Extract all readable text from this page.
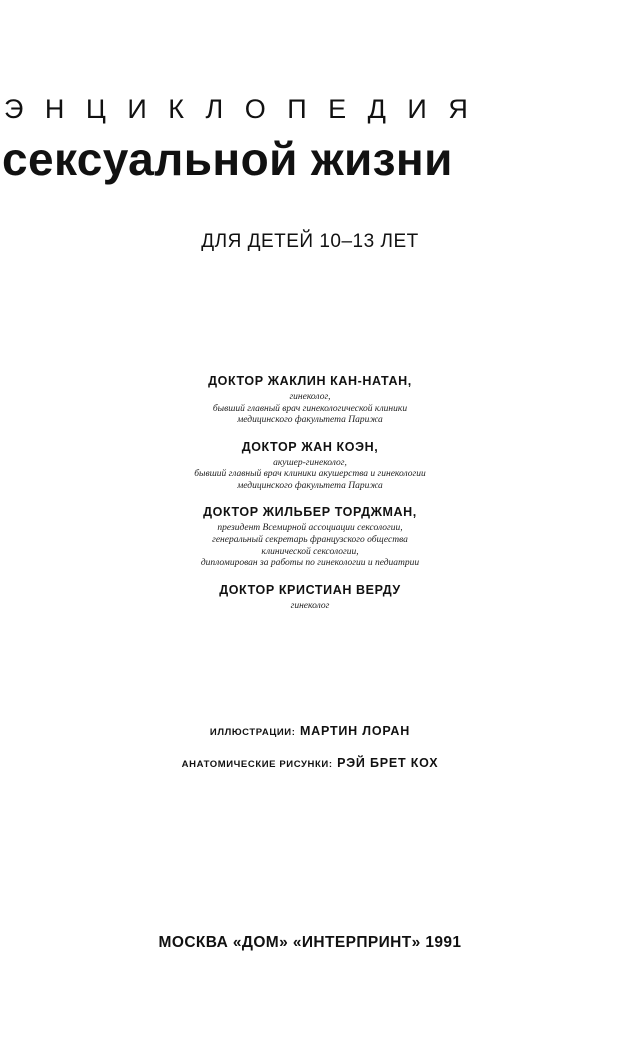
ЭНЦИКЛОПЕДИЯ
сексуальной жизни
ДЛЯ ДЕТЕЙ 10–13 ЛЕТ
ДОКТОР ЖАКЛИН КАН-НАТАН,
гинеколог,
бывший главный врач гинекологической клиники
медицинского факультета Парижа
ДОКТОР ЖАН КОЭН,
акушер-гинеколог,
бывший главный врач клиники акушерства и гинекологии
медицинского факультета Парижа
ДОКТОР ЖИЛЬБЕР ТОРДЖМАН,
президент Всемирной ассоциации сексологии,
генеральный секретарь французского общества
клинической сексологии,
дипломирован за работы по гинекологии и педиатрии
ДОКТОР КРИСТИАН ВЕРДУ
гинеколог
ИЛЛЮСТРАЦИИ: МАРТИН ЛОРАН
АНАТОМИЧЕСКИЕ РИСУНКИ: РЭЙ БРЕТ КОХ
МОСКВА «ДОМ» «ИНТЕРПРИНТ» 1991
